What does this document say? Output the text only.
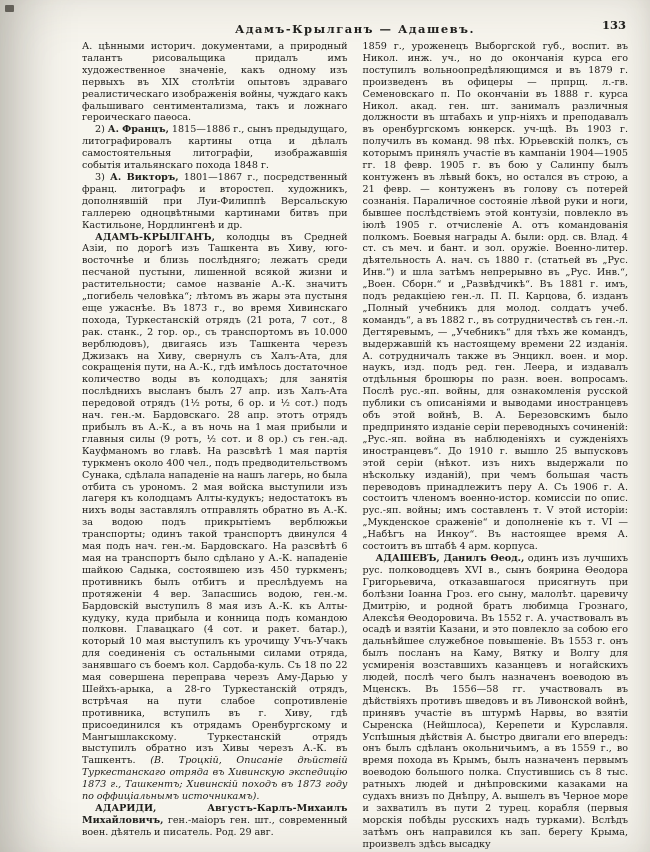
Адамъ-Крылганъ — Адашевъ.	133

А. цѣнными историч. документами, а природный талантъ рисовальщика придалъ имъ художественное значеніе, какъ одному изъ первыхъ въ XIX столѣтіи опытовъ здраваго реалистическаго изображенія войны, чуждаго какъ фальшиваго сентиментализма, такъ и ложнаго героическаго паѳоса.

2) А. Францъ, 1815—1886 г., сынъ предыдущаго, литографировалъ картины отца и дѣлалъ самостоятельныя литографіи, изображавшія событія итальянскаго похода 1848 г.

3) А. Викторъ, 1801—1867 г., посредственный франц. литографъ и второстеп. художникъ, дополнявшій при Луи-Филиппѣ Версальскую галлерею одноцвѣтными картинами битвъ при Кастильоне, Нордлингенѣ и др.

АДАМЪ-КРЫЛГАНЪ, колодцы въ Средней Азіи, по дорогѣ изъ Ташкента въ Хиву, юго-восточнѣе и близь послѣдняго; лежатъ среди песчаной пустыни, лишенной всякой жизни и растительности; самое названіе А.-К. значитъ „погибель человѣка“; лѣтомъ въ жары эта пустыня еще ужаснѣе. Въ 1873 г., во время Хивинскаго похода, Туркестанскій отрядъ (21 рота, 7 сот., 8 рак. станк., 2 гор. ор., съ транспортомъ въ 10.000 верблюдовъ), двигаясь изъ Ташкента черезъ Джизакъ на Хиву, свернулъ съ Халъ-Ата, для сокращенія пути, на А.-К., гдѣ имѣлось достаточное количество воды въ колодцахъ; для занятія послѣднихъ высланъ былъ 27 апр. изъ Халъ-Ата передовой отрядъ (1½ роты, 6 ор. и ½ сот.) подъ нач. ген.-м. Бардовскаго. 28 апр. этотъ отрядъ прибылъ въ А.-К., а въ ночь на 1 мая прибыли и главныя силы (9 ротъ, ½ сот. и 8 ор.) съ ген.-ад. Кауфманомъ во главѣ. На разсвѣтѣ 1 мая партія туркменъ около 400 чел., подъ предводительствомъ Сунака, сдѣлала нападеніе на нашъ лагерь, но была отбита съ урономъ. 2 мая войска выступили изъ лагеря къ колодцамъ Алты-кудукъ; недостатокъ въ нихъ воды заставлялъ отправлять обратно въ А.-К. за водою подъ прикрытіемъ верблюжьи транспорты; одинъ такой транспортъ двинулся 4 мая подъ нач. ген.-м. Бардовскаго. На разсвѣтѣ 6 мая на транспортъ было сдѣлано у А.-К. нападеніе шайкою Садыка, состоявшею изъ 450 туркменъ; противникъ былъ отбитъ и преслѣдуемъ на протяженіи 4 вер. Запасшись водою, ген.-м. Бардовскій выступилъ 8 мая изъ А.-К. къ Алты-кудуку, куда прибыла и конница подъ командою полковн. Главацкаго (4 сот. и ракет. батар.), который 10 мая выступилъ къ урочищу Учъ-Учакъ для соединенія съ остальными силами отряда, занявшаго съ боемъ кол. Сардоба-куль. Съ 18 по 22 мая совершена переправа черезъ Аму-Дарью у Шейхъ-арыка, а 28-го Туркестанскій отрядъ, встрѣчая на пути слабое сопротивленіе противника, вступилъ въ г. Хиву, гдѣ присоединился къ отрядамъ Оренбургскому и Мангышлакскому. Туркестанскій отрядъ выступилъ обратно изъ Хивы черезъ А.-К. въ Ташкентъ. (В. Троцкій, Описаніе дѣйствій Туркестанскаго отряда въ Хивинскую экспедицію 1873 г., Ташкентъ; Хивинскій походъ въ 1873 году по оффиціальнымъ источникамъ).

АДАРИДИ, Августъ-Карлъ-Михаилъ Михайловичъ, ген.-маіоръ ген. шт., современный воен. дѣятель и писатель. Род. 29 авг.

1859 г., уроженецъ Выборгской губ., воспит. въ Никол. инж. уч., но до окончанія курса его поступилъ вольноопредѣляющимся и въ 1879 г. произведенъ въ офицеры — прпрщ. л.-гв. Семеновскаго п. По окончаніи въ 1888 г. курса Никол. акад. ген. шт. занималъ различныя должности въ штабахъ и упр-ніяхъ и преподавалъ въ оренбургскомъ юнкерск. уч-щѣ. Въ 1903 г. получилъ въ команд. 98 пѣх. Юрьевскій полкъ, съ которымъ принялъ участіе въ кампаніи 1904—1905 гг. 18 февр. 1905 г. въ бою у Салинпу былъ контуженъ въ лѣвый бокъ, но остался въ строю, а 21 февр. — контуженъ въ голову съ потерей сознанія. Параличное состояніе лѣвой руки и ноги, бывшее послѣдствіемъ этой контузіи, повлекло въ іюлѣ 1905 г. отчисленіе А. отъ командованія полкомъ. Боевыя награды А. были: орд. св. Влад. 4 ст. съ меч. и бант. и зол. оружіе. Военно-литер. дѣятельность А. нач. съ 1880 г. (статьей въ „Рус. Инв.“) и шла затѣмъ непрерывно въ „Рус. Инв.“, „Воен. Сборн.“ и „Развѣдчикѣ“. Въ 1881 г. имъ, подъ редакціею ген.-л. П. П. Карцова, б. изданъ „Полный учебникъ для молод. солдатъ учеб. командъ“, а въ 1882 г., въ сотрудничествѣ съ ген.-л. Дегтяревымъ, — „Учебникъ“ для тѣхъ же командъ, выдержавшій къ настоящему времени 22 изданія. А. сотрудничалъ также въ Энцикл. воен. и мор. наукъ, изд. подъ ред. ген. Леера, и издавалъ отдѣльныя брошюры по разн. воен. вопросамъ. Послѣ рус.-яп. войны, для ознакомленія русской публики съ описаніями и выводами иностранцевъ объ этой войнѣ, В. А. Березовскимъ было предпринято изданіе серіи переводныхъ сочиненій: „Рус.-яп. война въ наблюденіяхъ и сужденіяхъ иностранцевъ“. До 1910 г. вышло 25 выпусковъ этой серіи (нѣкот. изъ нихъ выдержали по нѣскольку изданій), при чемъ большая часть переводовъ принадлежитъ перу А. Съ 1906 г. А. состоитъ членомъ военно-истор. комиссіи по опис. рус.-яп. войны; имъ составленъ т. V этой исторіи: „Мукденское сраженіе“ и дополненіе къ т. VI — „Набѣгъ на Инкоу“. Въ настоящее время А. состоитъ въ штабѣ 4 арм. корпуса.

АДАШЕВЪ, Данилъ Ѳеод., одинъ изъ лучшихъ рус. полководцевъ XVI в., сынъ боярина Ѳеодора Григорьевича, отказавшагося присягнуть при болѣзни Іоанна Гроз. его сыну, малолѣт. царевичу Дмитрію, и родной братъ любимца Грознаго, Алексѣя Ѳеодоровича. Въ 1552 г. А. участвовалъ въ осадѣ и взятіи Казани, и это повлекло за собою его дальнѣйшее служебное повышеніе. Въ 1553 г. онъ былъ посланъ на Каму, Вятку и Волгу для усмиренія возставшихъ казанцевъ и ногайскихъ людей, послѣ чего былъ назначенъ воеводою въ Мценскъ. Въ 1556—58 гг. участвовалъ въ дѣйствіяхъ противъ шведовъ и въ Ливонской войнѣ, принявъ участіе въ штурмѣ Нарвы, во взятіи Сыренска (Нейшлоса), Керепети и Курславля. Успѣшныя дѣйствія А. быстро двигали его впередъ: онъ былъ сдѣланъ окольничьимъ, а въ 1559 г., во время похода въ Крымъ, былъ назначенъ первымъ воеводою большого полка. Спустившись съ 8 тыс. ратныхъ людей и днѣпровскими казаками на судахъ внизъ по Днѣпру, А. вышелъ въ Черное море и захватилъ въ пути 2 турец. корабля (первыя морскія побѣды русскихъ надъ турками). Вслѣдъ затѣмъ онъ направился къ зап. берегу Крыма, произвелъ здѣсь высадку
